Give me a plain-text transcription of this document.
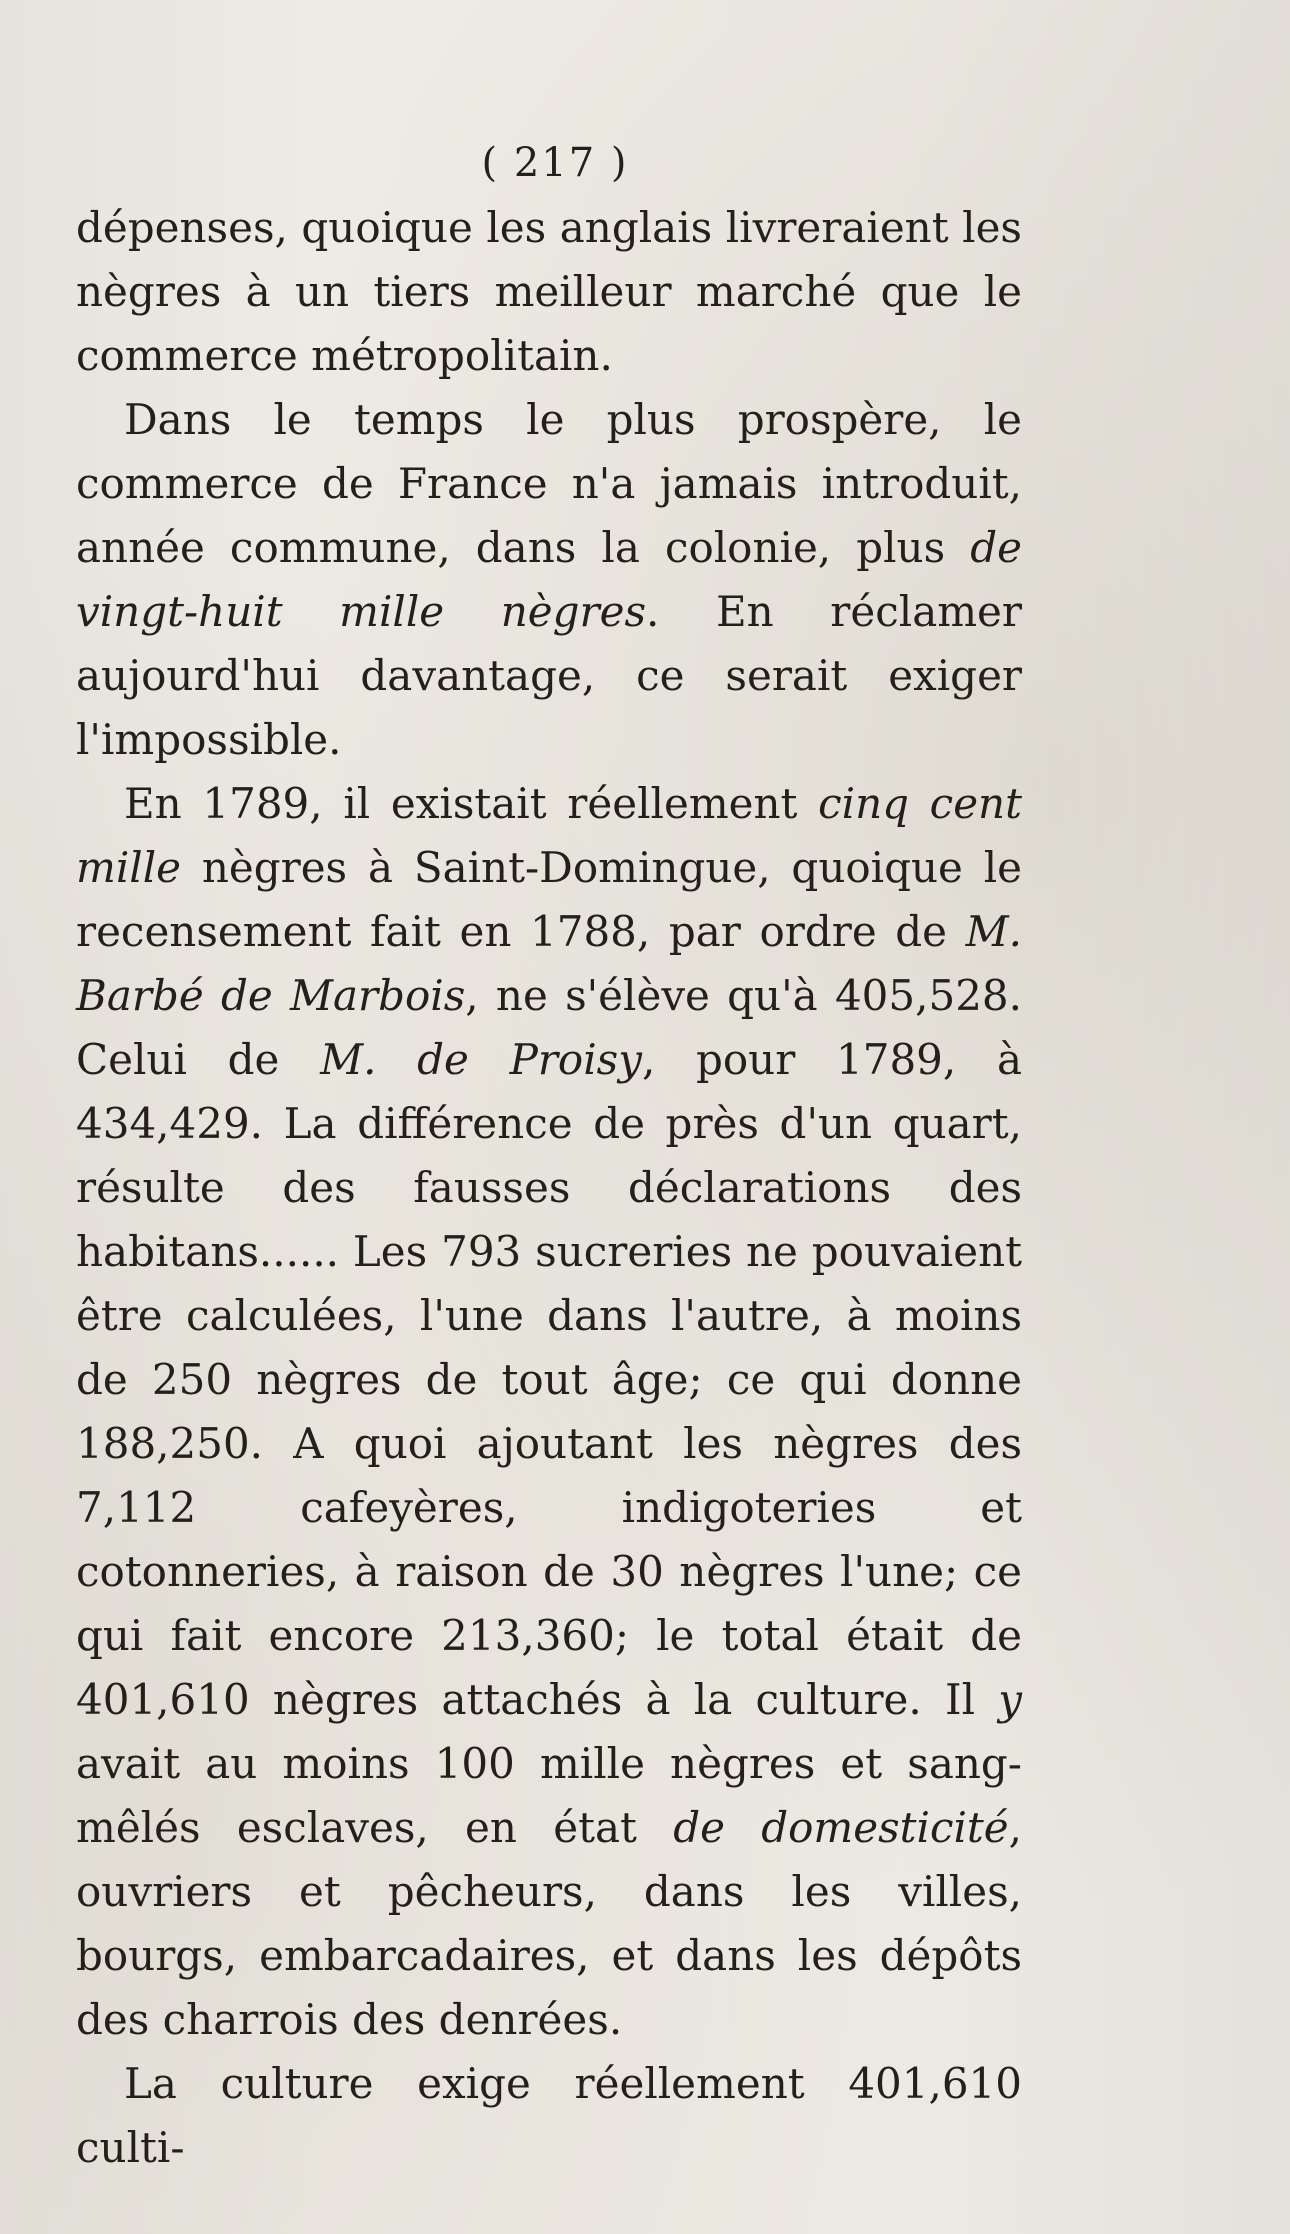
( 217 )

dépenses, quoique les anglais livreraient les nègres à un tiers meilleur marché que le commerce métropolitain.

Dans le temps le plus prospère, le commerce de France n'a jamais introduit, année commune, dans la colonie, plus de vingt-huit mille nègres. En réclamer aujourd'hui davantage, ce serait exiger l'impossible.

En 1789, il existait réellement cinq cent mille nègres à Saint-Domingue, quoique le recensement fait en 1788, par ordre de M. Barbé de Marbois, ne s'élève qu'à 405,528. Celui de M. de Proisy, pour 1789, à 434,429. La différence de près d'un quart, résulte des fausses déclarations des habitans...... Les 793 sucreries ne pouvaient être calculées, l'une dans l'autre, à moins de 250 nègres de tout âge; ce qui donne 188,250. A quoi ajoutant les nègres des 7,112 cafeyères, indigoteries et cotonneries, à raison de 30 nègres l'une; ce qui fait encore 213,360; le total était de 401,610 nègres attachés à la culture. Il y avait au moins 100 mille nègres et sang-mêlés esclaves, en état de domesticité, ouvriers et pêcheurs, dans les villes, bourgs, embarcadaires, et dans les dépôts des charrois des denrées.

La culture exige réellement 401,610 culti-
